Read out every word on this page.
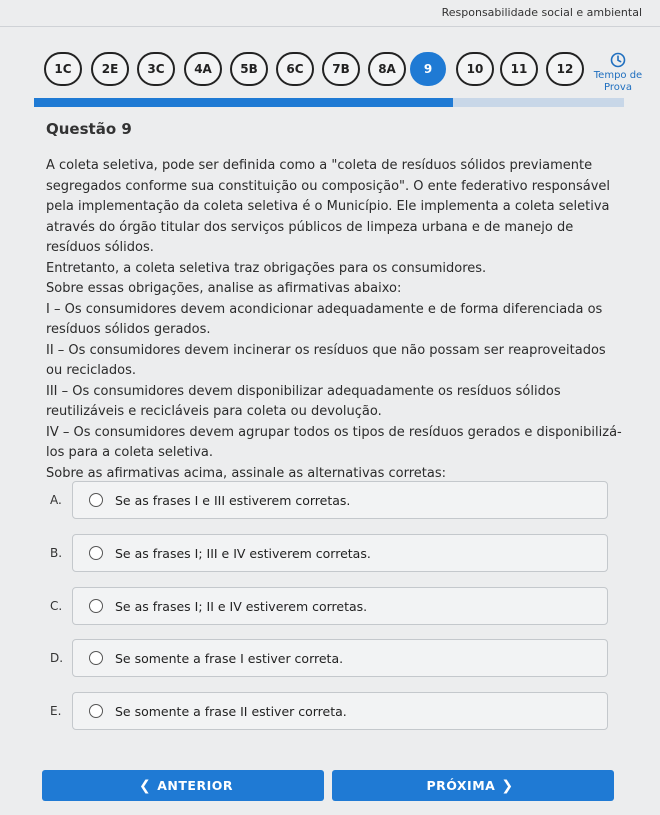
Responsabilidade social e ambiental
1C	2E	3C	4A	5B	6C	7B	8A	9	10	11	12	Tempo de
Prova
Questão 9

A coleta seletiva, pode ser definida como a "coleta de resíduos sólidos previamente segregados conforme sua constituição ou composição". O ente federativo responsável pela implementação da coleta seletiva é o Município. Ele implementa a coleta seletiva através do órgão titular dos serviços públicos de limpeza urbana e de manejo de resíduos sólidos.

Entretanto, a coleta seletiva traz obrigações para os consumidores.

Sobre essas obrigações, analise as afirmativas abaixo:

I – Os consumidores devem acondicionar adequadamente e de forma diferenciada os resíduos sólidos gerados.

II – Os consumidores devem incinerar os resíduos que não possam ser reaproveitados ou reciclados.

III – Os consumidores devem disponibilizar adequadamente os resíduos sólidos reutilizáveis e recicláveis para coleta ou devolução.

IV – Os consumidores devem agrupar todos os tipos de resíduos gerados e disponibilizá-los para a coleta seletiva.

Sobre as afirmativas acima, assinale as alternativas corretas:

A.	Se as frases I e III estiverem corretas.
B.	Se as frases I; III e IV estiverem corretas.
C.	Se as frases I; II e IV estiverem corretas.
D.	Se somente a frase I estiver correta.
E.	Se somente a frase II estiver correta.
❮ ANTERIOR	PRÓXIMA ❯
